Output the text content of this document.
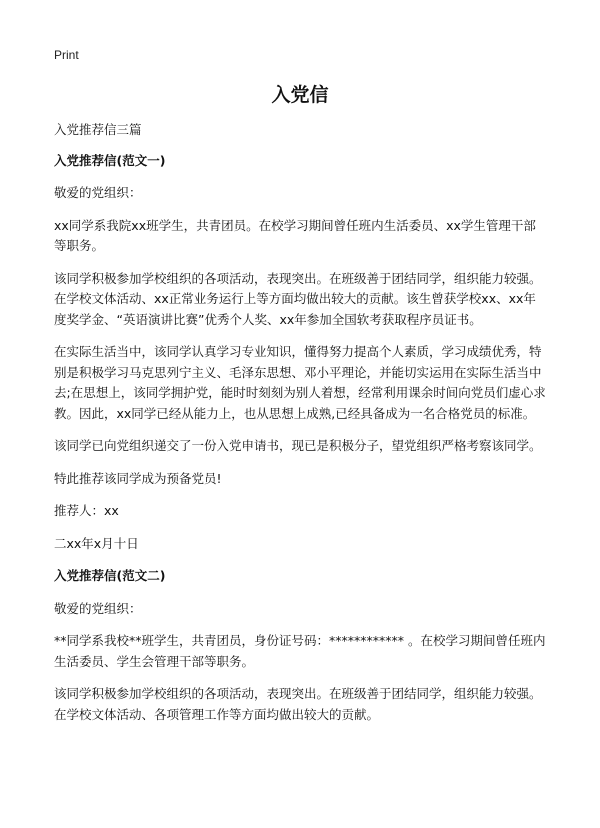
Print
入党信

入党推荐信三篇

入党推荐信(范文一)

敬爱的党组织：

xx同学系我院xx班学生，共青团员。在校学习期间曾任班内生活委员、xx学生管理干部等职务。

该同学积极参加学校组织的各项活动，表现突出。在班级善于团结同学，组织能力较强。在学校文体活动、xx正常业务运行上等方面均做出较大的贡献。该生曾获学校xx、xx年度奖学金、“英语演讲比赛”优秀个人奖、xx年参加全国软考获取程序员证书。

在实际生活当中，该同学认真学习专业知识，懂得努力提高个人素质，学习成绩优秀，特别是积极学习马克思列宁主义、毛泽东思想、邓小平理论，并能切实运用在实际生活当中去;在思想上，该同学拥护党，能时时刻刻为别人着想，经常利用课余时间向党员们虚心求教。因此，xx同学已经从能力上，也从思想上成熟,已经具备成为一名合格党员的标准。

该同学已向党组织递交了一份入党申请书，现已是积极分子，望党组织严格考察该同学。

特此推荐该同学成为预备党员!

推荐人：xx

二xx年x月十日

入党推荐信(范文二)

敬爱的党组织：

**同学系我校**班学生，共青团员，身份证号码：************ 。在校学习期间曾任班内生活委员、学生会管理干部等职务。

该同学积极参加学校组织的各项活动，表现突出。在班级善于团结同学，组织能力较强。在学校文体活动、各项管理工作等方面均做出较大的贡献。
